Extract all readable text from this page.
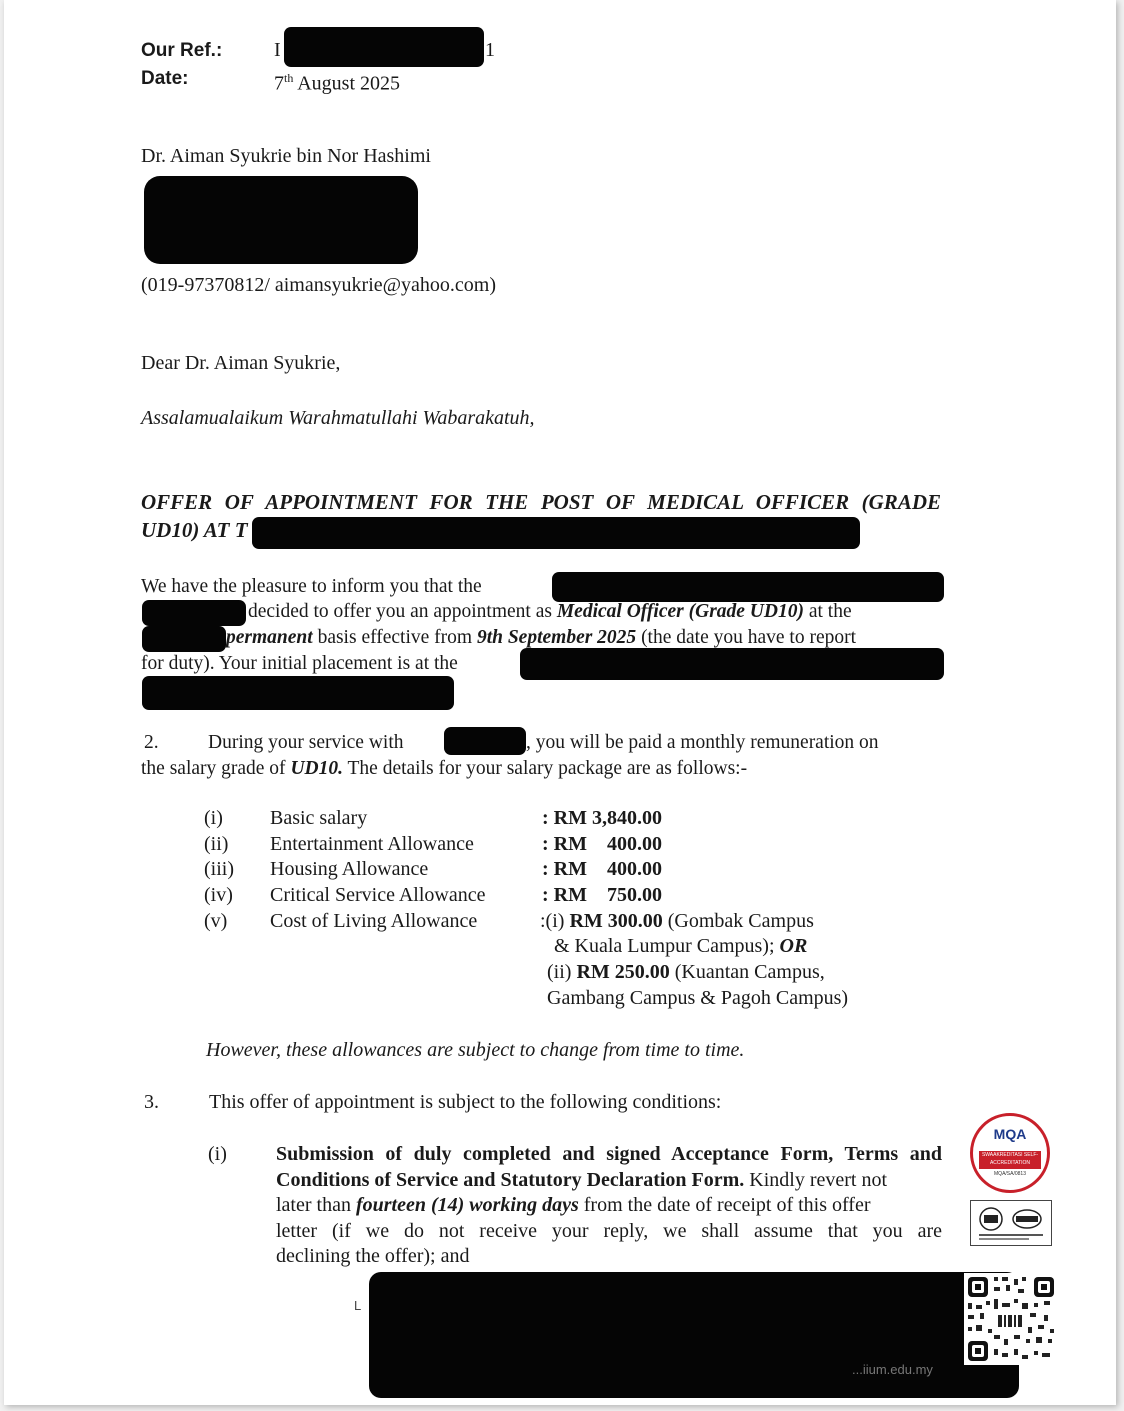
Our Ref.:	I	1
Date:	7th August 2025
Dr. Aiman Syukrie bin Nor Hashimi
(019-97370812/ aimansyukrie@yahoo.com)
Dear Dr. Aiman Syukrie,
Assalamualaikum Warahmatullahi Wabarakatuh,
OFFER OF APPOINTMENT FOR THE POST OF MEDICAL OFFICER (GRADE
UD10) AT T
We have the pleasure to inform you that the
decided to offer you an appointment as Medical Officer (Grade UD10) at the
permanent basis effective from 9th September 2025 (the date you have to report
for duty). Your initial placement is at the
2.	During your service with	, you will be paid a monthly remuneration on
the salary grade of UD10. The details for your salary package are as follows:-
(i) Basic salary	: RM 3,840.00
(ii) Entertainment Allowance	: RM    400.00
(iii) Housing Allowance	: RM    400.00
(iv) Critical Service Allowance	: RM    750.00
(v) Cost of Living Allowance	:(i) RM 300.00 (Gombak Campus
& Kuala Lumpur Campus); OR
(ii) RM 250.00 (Kuantan Campus,
Gambang Campus & Pagoh Campus)
However, these allowances are subject to change from time to time.
3.	This offer of appointment is subject to the following conditions:
(i) Submission of duly completed and signed Acceptance Form, Terms and
Conditions of Service and Statutory Declaration Form. Kindly revert not
later than fourteen (14) working days from the date of receipt of this offer
letter (if we do not receive your reply, we shall assume that you are
declining the offer); and
MQA
SWAAKREDITASI SELF-ACCREDITATION
MQA/SA/0813
L
...iium.edu.my
